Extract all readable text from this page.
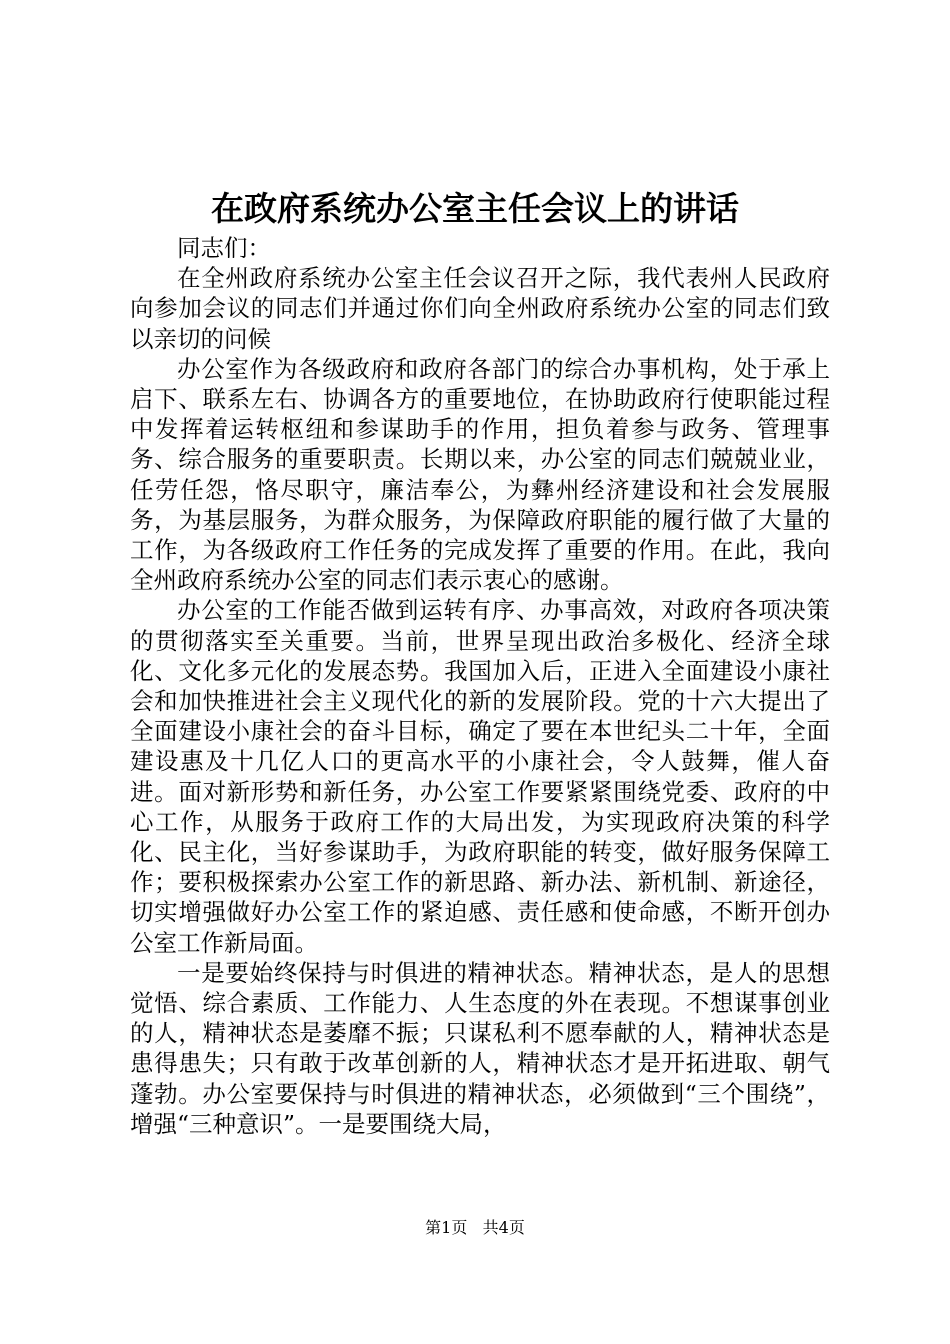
在政府系统办公室主任会议上的讲话

同志们：

在全州政府系统办公室主任会议召开之际，我代表州人民政府向参加会议的同志们并通过你们向全州政府系统办公室的同志们致以亲切的问候

办公室作为各级政府和政府各部门的综合办事机构，处于承上启下、联系左右、协调各方的重要地位，在协助政府行使职能过程中发挥着运转枢纽和参谋助手的作用，担负着参与政务、管理事务、综合服务的重要职责。长期以来，办公室的同志们兢兢业业，任劳任怨，恪尽职守，廉洁奉公，为彝州经济建设和社会发展服务，为基层服务，为群众服务，为保障政府职能的履行做了大量的工作，为各级政府工作任务的完成发挥了重要的作用。在此，我向全州政府系统办公室的同志们表示衷心的感谢。

办公室的工作能否做到运转有序、办事高效，对政府各项决策的贯彻落实至关重要。当前，世界呈现出政治多极化、经济全球化、文化多元化的发展态势。我国加入后，正进入全面建设小康社会和加快推进社会主义现代化的新的发展阶段。党的十六大提出了全面建设小康社会的奋斗目标，确定了要在本世纪头二十年，全面建设惠及十几亿人口的更高水平的小康社会，令人鼓舞，催人奋进。面对新形势和新任务，办公室工作要紧紧围绕党委、政府的中心工作，从服务于政府工作的大局出发，为实现政府决策的科学化、民主化，当好参谋助手，为政府职能的转变，做好服务保障工作；要积极探索办公室工作的新思路、新办法、新机制、新途径，切实增强做好办公室工作的紧迫感、责任感和使命感，不断开创办公室工作新局面。

一是要始终保持与时俱进的精神状态。精神状态，是人的思想觉悟、综合素质、工作能力、人生态度的外在表现。不想谋事创业的人，精神状态是萎靡不振；只谋私利不愿奉献的人，精神状态是患得患失；只有敢于改革创新的人，精神状态才是开拓进取、朝气蓬勃。办公室要保持与时俱进的精神状态，必须做到“三个围绕”，增强“三种意识”。一是要围绕大局，

第1页 共4页
